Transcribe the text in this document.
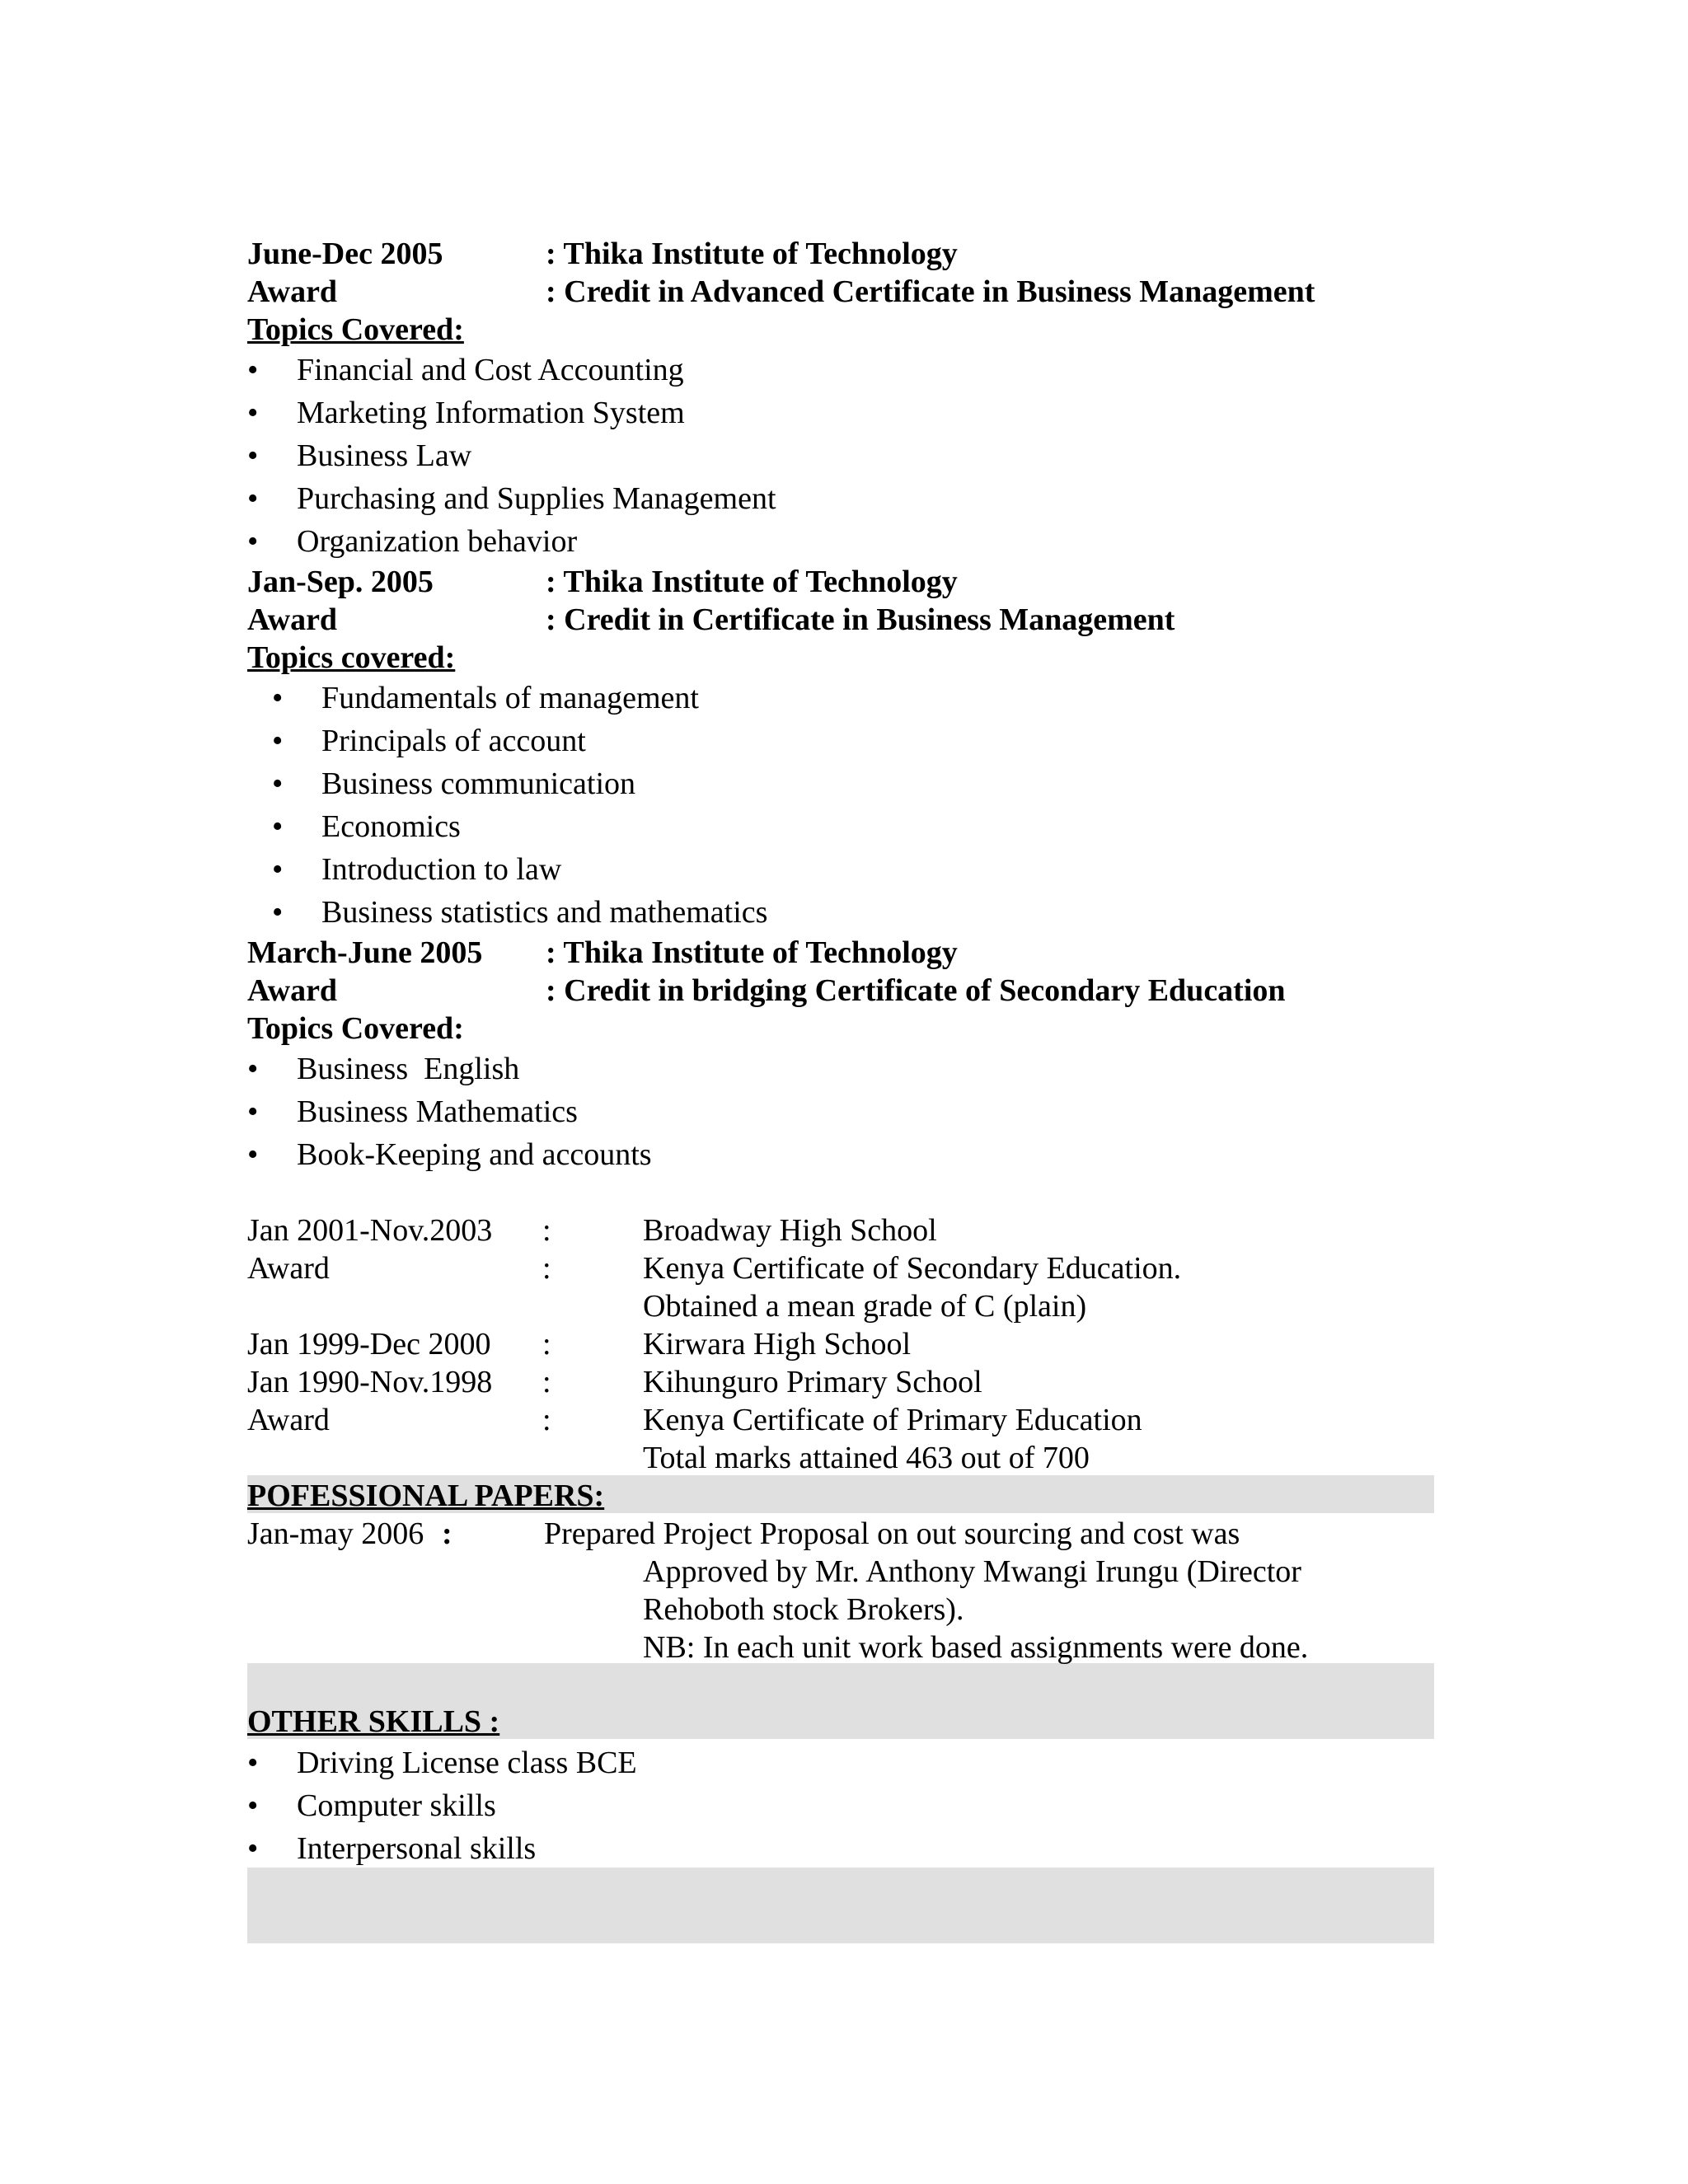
June-Dec 2005	: Thika Institute of Technology
Award	: Credit in Advanced Certificate in Business Management
Topics Covered:
• Financial and Cost Accounting
• Marketing Information System
• Business Law
• Purchasing and Supplies Management
• Organization behavior
Jan-Sep. 2005	: Thika Institute of Technology
Award	: Credit in Certificate in Business Management
Topics covered:
• Fundamentals of management
• Principals of account
• Business communication
• Economics
• Introduction to law
• Business statistics and mathematics
March-June 2005 : Thika Institute of Technology
Award	: Credit in bridging Certificate of Secondary Education
Topics Covered:
• Business  English
• Business Mathematics
• Book-Keeping and accounts
Jan 2001-Nov.2003 :	Broadway High School
Award	:	Kenya Certificate of Secondary Education.
Obtained a mean grade of C (plain)
Jan 1999-Dec 2000 :	Kirwara High School
Jan 1990-Nov.1998 :	Kihunguro Primary School
Award	:	Kenya Certificate of Primary Education
Total marks attained 463 out of 700
POFESSIONAL PAPERS:
Jan-may 2006 :	Prepared Project Proposal on out sourcing and cost was
Approved by Mr. Anthony Mwangi Irungu (Director
Rehoboth stock Brokers).
NB: In each unit work based assignments were done.
OTHER SKILLS :
• Driving License class BCE
• Computer skills
• Interpersonal skills
